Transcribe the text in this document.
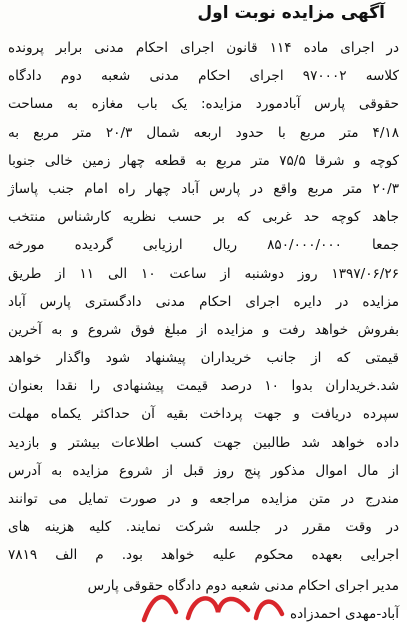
آگهی مزایده نوبت اول
در اجرای ماده ۱۱۴ قانون اجرای احکام مدنی برابر پرونده
کلاسه ۹۷۰۰۰۲ اجرای احکام مدنی شعبه دوم دادگاه
حقوقی پارس آبادمورد مزایده: یک باب مغازه به مساحت
۴/۱۸ متر مربع با حدود اربعه شمال ۲۰/۳ متر مربع به
کوچه و شرقا ۷۵/۵ متر مربع به قطعه چهار زمین خالی جنوبا
۲۰/۳ متر مربع واقع در پارس آباد چهار راه امام جنب پاساژ
جاهد کوچه حد غربی که بر حسب نظریه کارشناس منتخب
جمعا ۸۵۰/۰۰۰/۰۰۰ ریال ارزیابی گردیده مورخه
۱۳۹۷/۰۶/۲۶ روز دوشنبه از ساعت ۱۰ الی ۱۱ از طریق
مزایده در دایره اجرای احکام مدنی دادگستری پارس آباد
بفروش خواهد رفت و مزایده از مبلغ فوق شروع و به آخرین
قیمتی که از جانب خریداران پیشنهاد شود واگذار خواهد
شد.خریداران بدوا ۱۰ درصد قیمت پیشنهادی را نقدا بعنوان
سپرده دریافت و جهت پرداخت بقیه آن حداکثر یکماه مهلت
داده خواهد شد طالبین جهت کسب اطلاعات بیشتر و بازدید
از مال اموال مذکور پنج روز قبل از شروع مزایده به آدرس
مندرج در متن مزایده مراجعه و در صورت تمایل می توانند
در وقت مقرر در جلسه شرکت نمایند. کلیه هزینه های
اجرایی بعهده محکوم علیه خواهد بود. م الف ۷۸۱۹
مدیر اجرای احکام مدنی شعبه دوم دادگاه حقوقی پارس
آباد-مهدی احمدزاده
